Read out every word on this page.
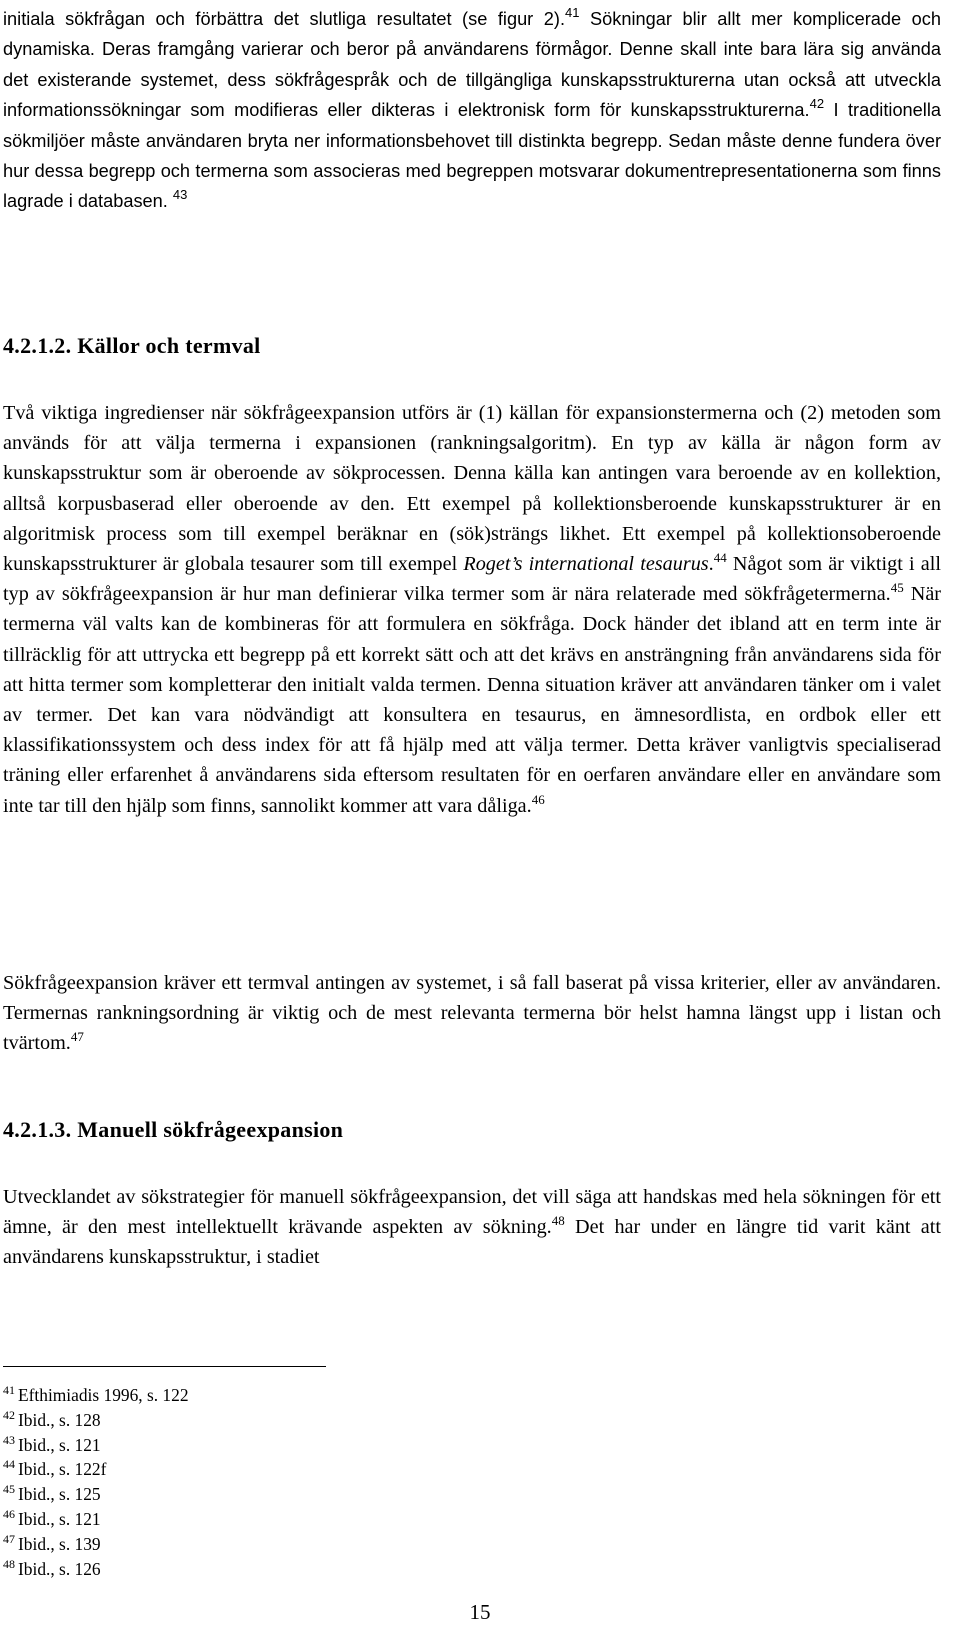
initiala sökfrågan och förbättra det slutliga resultatet (se figur 2).$^{41}$ Sökningar blir allt mer komplicerade och dynamiska. Deras framgång varierar och beror på användarens förmågor. Denne skall inte bara lära sig använda det existerande systemet, dess sökfrågespråk och de tillgängliga kunskapsstrukturerna utan också att utveckla informationssökningar som modifieras eller dikteras i elektronisk form för kunskapsstrukturerna.$^{42}$ I traditionella sökmiljöer måste användaren bryta ner informationsbehovet till distinkta begrepp. Sedan måste denne fundera över hur dessa begrepp och termerna som associeras med begreppen motsvarar dokumentrepresentationerna som finns lagrade i databasen. $^{43}$

4.2.1.2. Källor och termval

Två viktiga ingredienser när sökfrågeexpansion utförs är (1) källan för expansionstermerna och (2) metoden som används för att välja termerna i expansionen (rankningsalgoritm). En typ av källa är någon form av kunskapsstruktur som är oberoende av sökprocessen. Denna källa kan antingen vara beroende av en kollektion, alltså korpusbaserad eller oberoende av den. Ett exempel på kollektionsberoende kunskapsstrukturer är en algoritmisk process som till exempel beräknar en (sök)strängs likhet. Ett exempel på kollektionsoberoende kunskapsstrukturer är globala tesaurer som till exempel Roget’s international tesaurus.$^{44}$ Något som är viktigt i all typ av sökfrågeexpansion är hur man definierar vilka termer som är nära relaterade med sökfrågetermerna.$^{45}$ När termerna väl valts kan de kombineras för att formulera en sökfråga. Dock händer det ibland att en term inte är tillräcklig för att uttrycka ett begrepp på ett korrekt sätt och att det krävs en ansträngning från användarens sida för att hitta termer som kompletterar den initialt valda termen. Denna situation kräver att användaren tänker om i valet av termer. Det kan vara nödvändigt att konsultera en tesaurus, en ämnesordlista, en ordbok eller ett klassifikationssystem och dess index för att få hjälp med att välja termer. Detta kräver vanligtvis specialiserad träning eller erfarenhet å användarens sida eftersom resultaten för en oerfaren användare eller en användare som inte tar till den hjälp som finns, sannolikt kommer att vara dåliga.$^{46}$

Sökfrågeexpansion kräver ett termval antingen av systemet, i så fall baserat på vissa kriterier, eller av användaren. Termernas rankningsordning är viktig och de mest relevanta termerna bör helst hamna längst upp i listan och tvärtom.$^{47}$

4.2.1.3. Manuell sökfrågeexpansion

Utvecklandet av sökstrategier för manuell sökfrågeexpansion, det vill säga att handskas med hela sökningen för ett ämne, är den mest intellektuellt krävande aspekten av sökning.$^{48}$ Det har under en längre tid varit känt att användarens kunskapsstruktur, i stadiet

$^{41}$ Efthimiadis 1996, s. 122
$^{42}$ Ibid., s. 128
$^{43}$ Ibid., s. 121
$^{44}$ Ibid., s. 122f
$^{45}$ Ibid., s. 125
$^{46}$ Ibid., s. 121
$^{47}$ Ibid., s. 139
$^{48}$ Ibid., s. 126
15
